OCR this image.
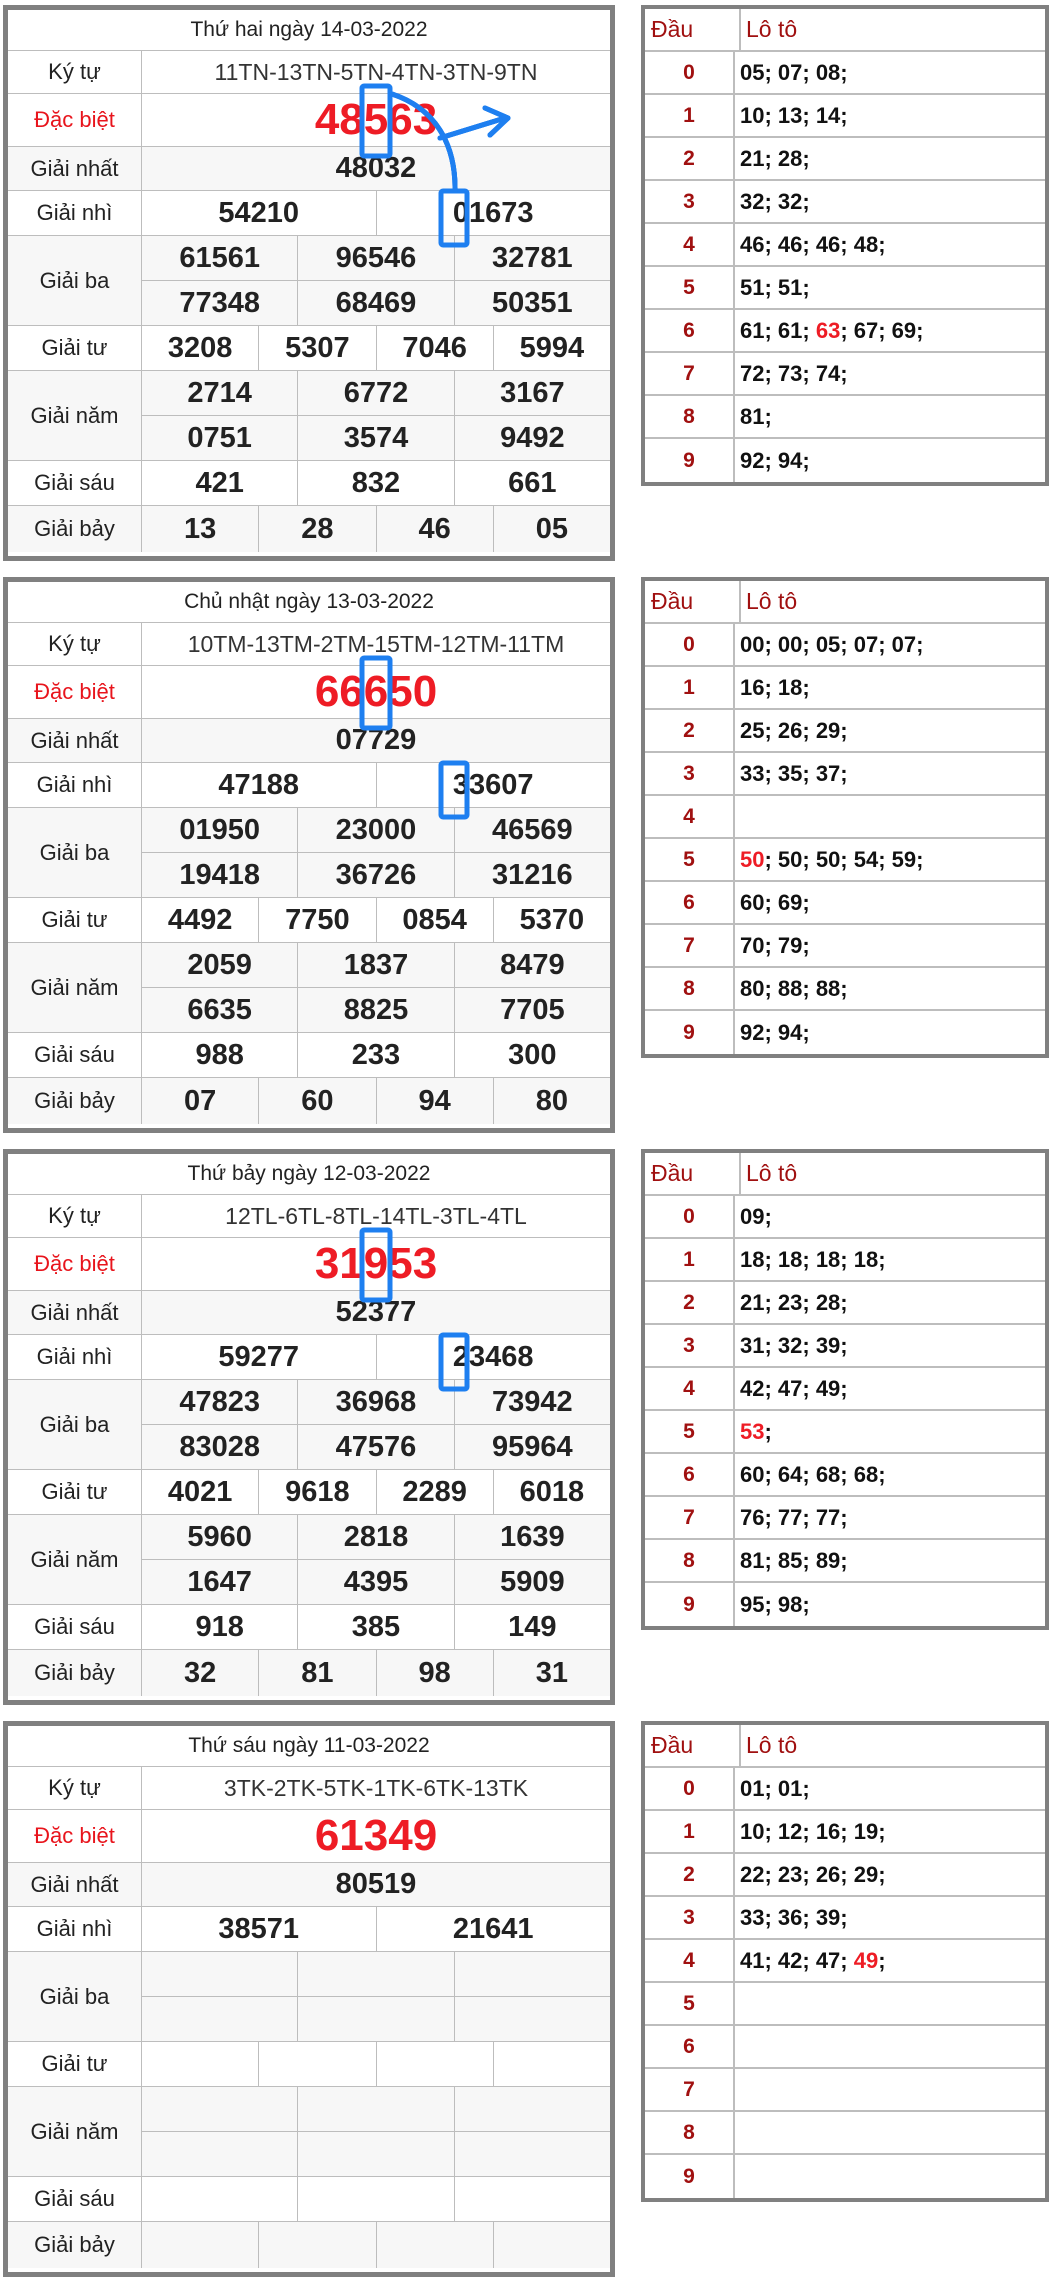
Thứ hai ngày 14-03-2022
Ký tự	11TN-13TN-5TN-4TN-3TN-9TN
Đặc biệt	48563
Giải nhất	48032
Giải nhì	54210	01673
Giải ba
61561	96546	32781
77348	68469	50351
Giải tư	3208	5307	7046	5994
Giải năm
2714	6772	3167
0751	3574	9492
Giải sáu	421	832	661
Giải bảy	13	28	46	05
Đầu	Lô tô
0	05; 07; 08;
1	10; 13; 14;
2	21; 28;
3	32; 32;
4	46; 46; 46; 48;
5	51; 51;
6	61; 61; 63 ; 67; 69;
7	72; 73; 74;
8	81;
9	92; 94;
Chủ nhật ngày 13-03-2022
Ký tự	10TM-13TM-2TM-15TM-12TM-11TM
Đặc biệt	66650
Giải nhất	07729
Giải nhì	47188	33607
Giải ba
01950	23000	46569
19418	36726	31216
Giải tư	4492	7750	0854	5370
Giải năm
2059	1837	8479
6635	8825	7705
Giải sáu	988	233	300
Giải bảy	07	60	94	80
Đầu	Lô tô
0	00; 00; 05; 07; 07;
1	16; 18;
2	25; 26; 29;
3	33; 35; 37;
4
5	50 ; 50; 50; 54; 59;
6	60; 69;
7	70; 79;
8	80; 88; 88;
9	92; 94;
Thứ bảy ngày 12-03-2022
Ký tự	12TL-6TL-8TL-14TL-3TL-4TL
Đặc biệt	31953
Giải nhất	52377
Giải nhì	59277	23468
Giải ba
47823	36968	73942
83028	47576	95964
Giải tư	4021	9618	2289	6018
Giải năm
5960	2818	1639
1647	4395	5909
Giải sáu	918	385	149
Giải bảy	32	81	98	31
Đầu	Lô tô
0	09;
1	18; 18; 18; 18;
2	21; 23; 28;
3	31; 32; 39;
4	42; 47; 49;
5	53 ;
6	60; 64; 68; 68;
7	76; 77; 77;
8	81; 85; 89;
9	95; 98;
Thứ sáu ngày 11-03-2022
Ký tự	3TK-2TK-5TK-1TK-6TK-13TK
Đặc biệt	61349
Giải nhất	80519
Giải nhì	38571	21641
Giải ba
Giải tư
Giải năm
Giải sáu
Giải bảy
Đầu	Lô tô
0	01; 01;
1	10; 12; 16; 19;
2	22; 23; 26; 29;
3	33; 36; 39;
4	41; 42; 47; 49 ;
5
6
7
8
9
